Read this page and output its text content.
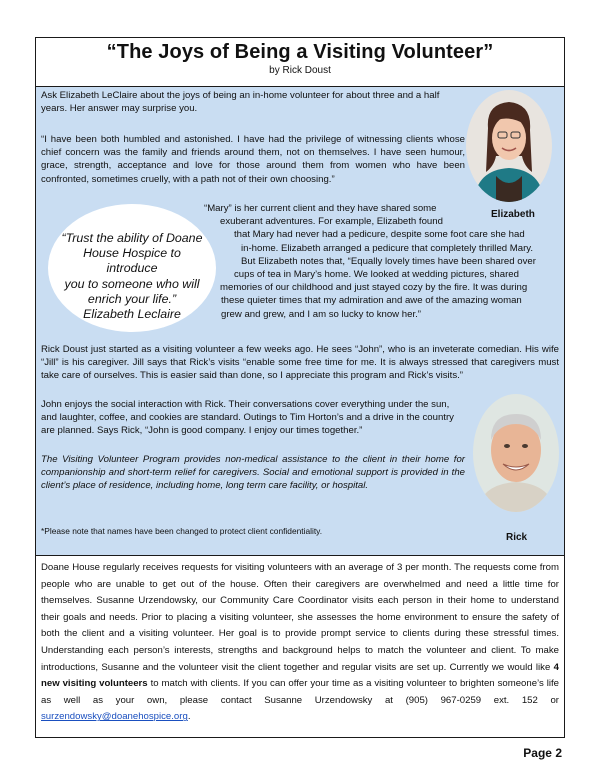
“The Joys of Being a Visiting Volunteer”
by Rick Doust

Ask Elizabeth LeClaire about the joys of being an in-home volunteer for about three and a half years. Her answer may surprise you.

“I have been both humbled and astonished. I have had the privilege of witnessing clients whose chief concern was the family and friends around them, not on themselves. I have seen humour, grace, strength, acceptance and love for those around them from women who have been confronted, sometimes cruelly, with a path not of their own choosing.”

Elizabeth
“Trust the ability of Doane
House Hospice to introduce
you to someone who will
enrich your life.”
Elizabeth Leclaire
“Mary” is her current client and they have shared some
exuberant adventures. For example, Elizabeth found
that Mary had never had a pedicure, despite some foot care she had
in-home. Elizabeth arranged a pedicure that completely thrilled Mary.
But Elizabeth notes that, “Equally lovely times have been shared over
cups of tea in Mary’s home. We looked at wedding pictures, shared
memories of our childhood and just stayed cozy by the fire. It was during
these quieter times that my admiration and awe of the amazing woman
grew and grew, and I am so lucky to know her.”

Rick Doust just started as a visiting volunteer a few weeks ago. He sees “John”, who is an inveterate comedian. His wife “Jill” is his caregiver. Jill says that Rick’s visits “enable some free time for me. It is always stressed that caregivers must take care of ourselves. This is easier said than done, so I appreciate this program and Rick’s visits.”

John enjoys the social interaction with Rick. Their conversations cover everything under the sun, and laughter, coffee, and cookies are standard. Outings to Tim Horton’s and a drive in the country are planned. Says Rick, “John is good company. I enjoy our times together.”

The Visiting Volunteer Program provides non-medical assistance to the client in their home for companionship and short-term relief for caregivers. Social and emotional support is provided in the client’s place of residence, including home, long term care facility, or hospital.

*Please note that names have been changed to protect client confidentiality.

Rick
Doane House regularly receives requests for visiting volunteers with an average of 3 per month. The requests come from people who are unable to get out of the house. Often their caregivers are overwhelmed and need a little time for themselves. Susanne Urzendowsky, our Community Care Coordinator visits each person in their home to understand their goals and needs. Prior to placing a visiting volunteer, she assesses the home environment to ensure the safety of both the client and a visiting volunteer. Her goal is to provide prompt service to clients during these stressful times. Understanding each person’s interests, strengths and background helps to match the volunteer and client. To make introductions, Susanne and the volunteer visit the client together and regular visits are set up. Currently we would like 4 new visiting volunteers to match with clients. If you can offer your time as a visiting volunteer to brighten someone’s life as well as your own, please contact Susanne Urzendowsky at (905) 967-0259 ext. 152 or surzendowsky@doanehospice.org.
Page 2
